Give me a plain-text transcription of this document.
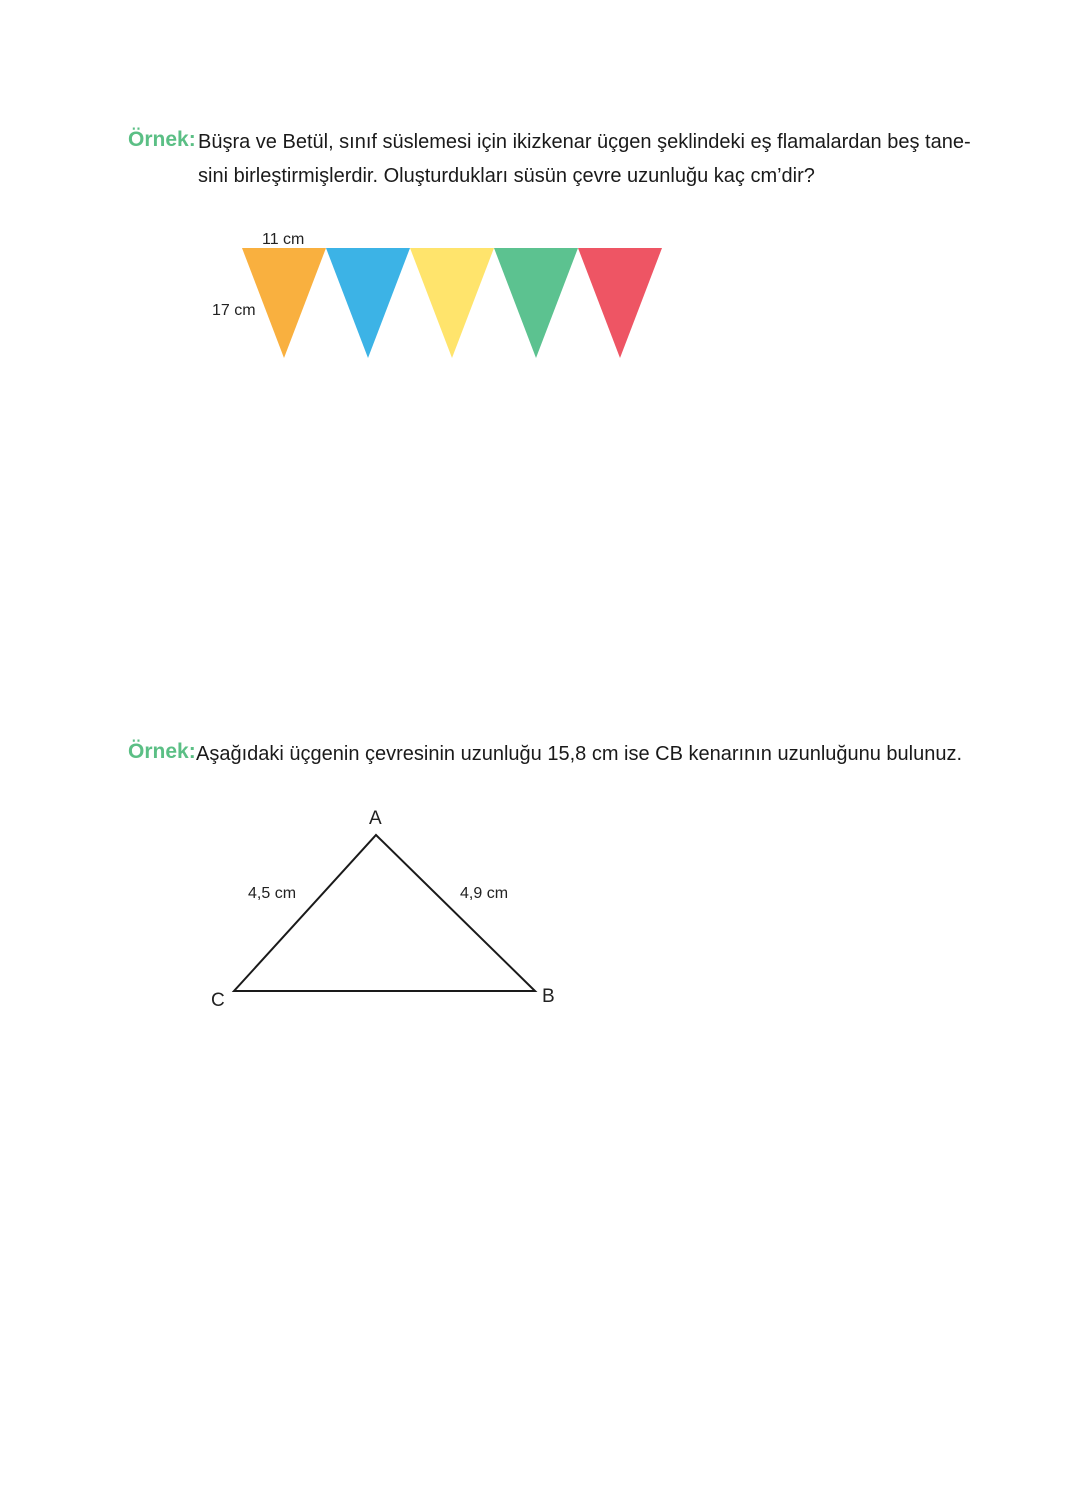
Örnek: Büşra ve Betül, sınıf süslemesi için ikizkenar üçgen şeklindeki eş flamalardan beş tane-
sini birleştirmişlerdir. Oluşturdukları süsün çevre uzunluğu kaç cm’dir?
11 cm
17 cm
Örnek: Aşağıdaki üçgenin çevresinin uzunluğu 15,8 cm ise CB kenarının uzunluğunu bulunuz.
A
B
C
4,5 cm	4,9 cm
